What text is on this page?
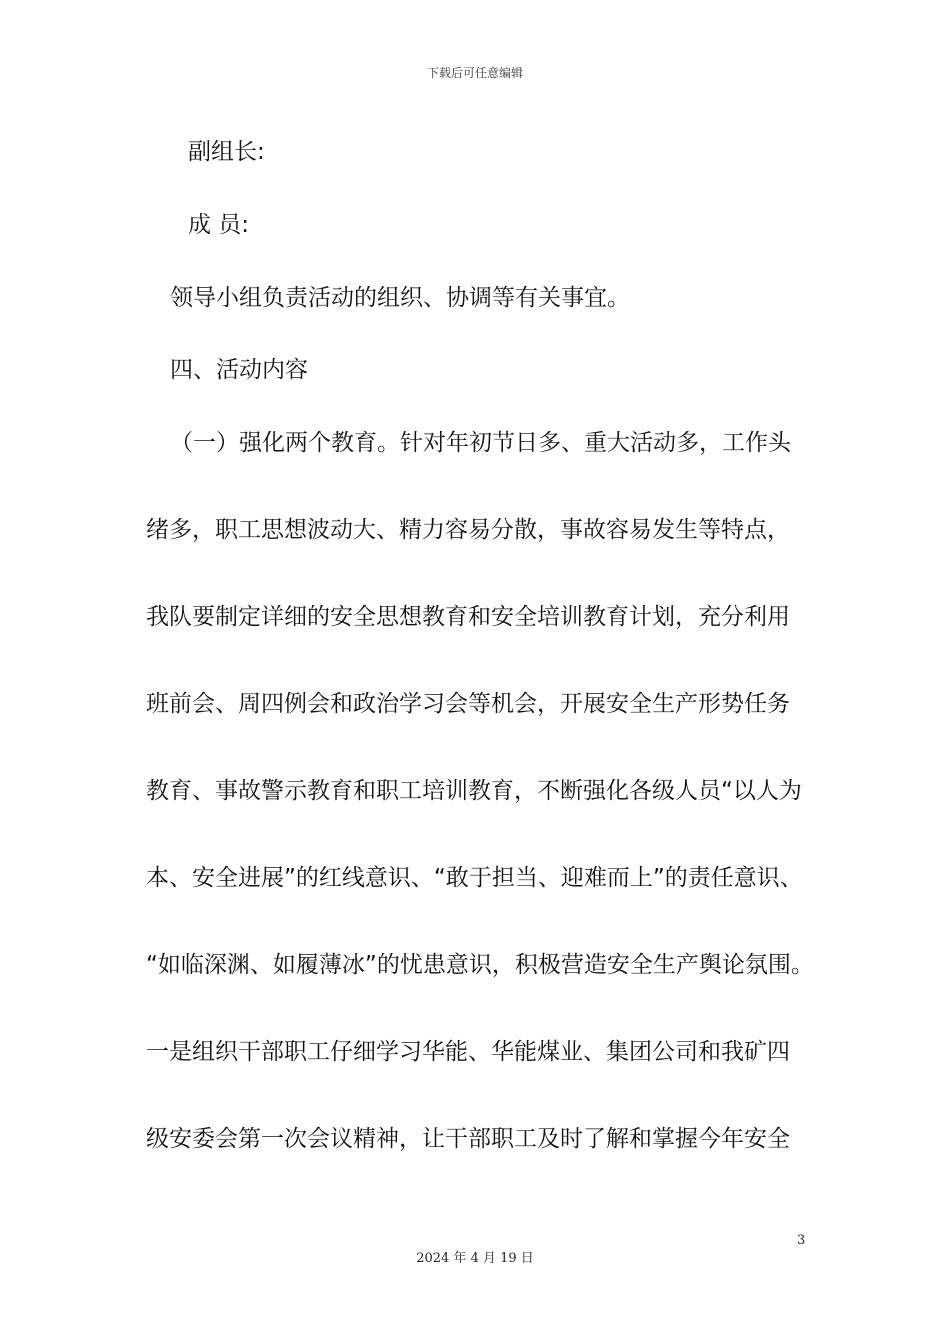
下载后可任意编辑
副组长:
成 员:
领导小组负责活动的组织、协调等有关事宜。
四、活动内容
（一）强化两个教育。针对年初节日多、重大活动多，工作头
绪多，职工思想波动大、精力容易分散，事故容易发生等特点，
我队要制定详细的安全思想教育和安全培训教育计划，充分利用
班前会、周四例会和政治学习会等机会，开展安全生产形势任务
教育、事故警示教育和职工培训教育，不断强化各级人员“以人为
本、安全进展”的红线意识、“敢于担当、迎难而上”的责任意识、
“如临深渊、如履薄冰”的忧患意识，积极营造安全生产舆论氛围。
一是组织干部职工仔细学习华能、华能煤业、集团公司和我矿四
级安委会第一次会议精神，让干部职工及时了解和掌握今年安全
3
2024 年 4 月 19 日
